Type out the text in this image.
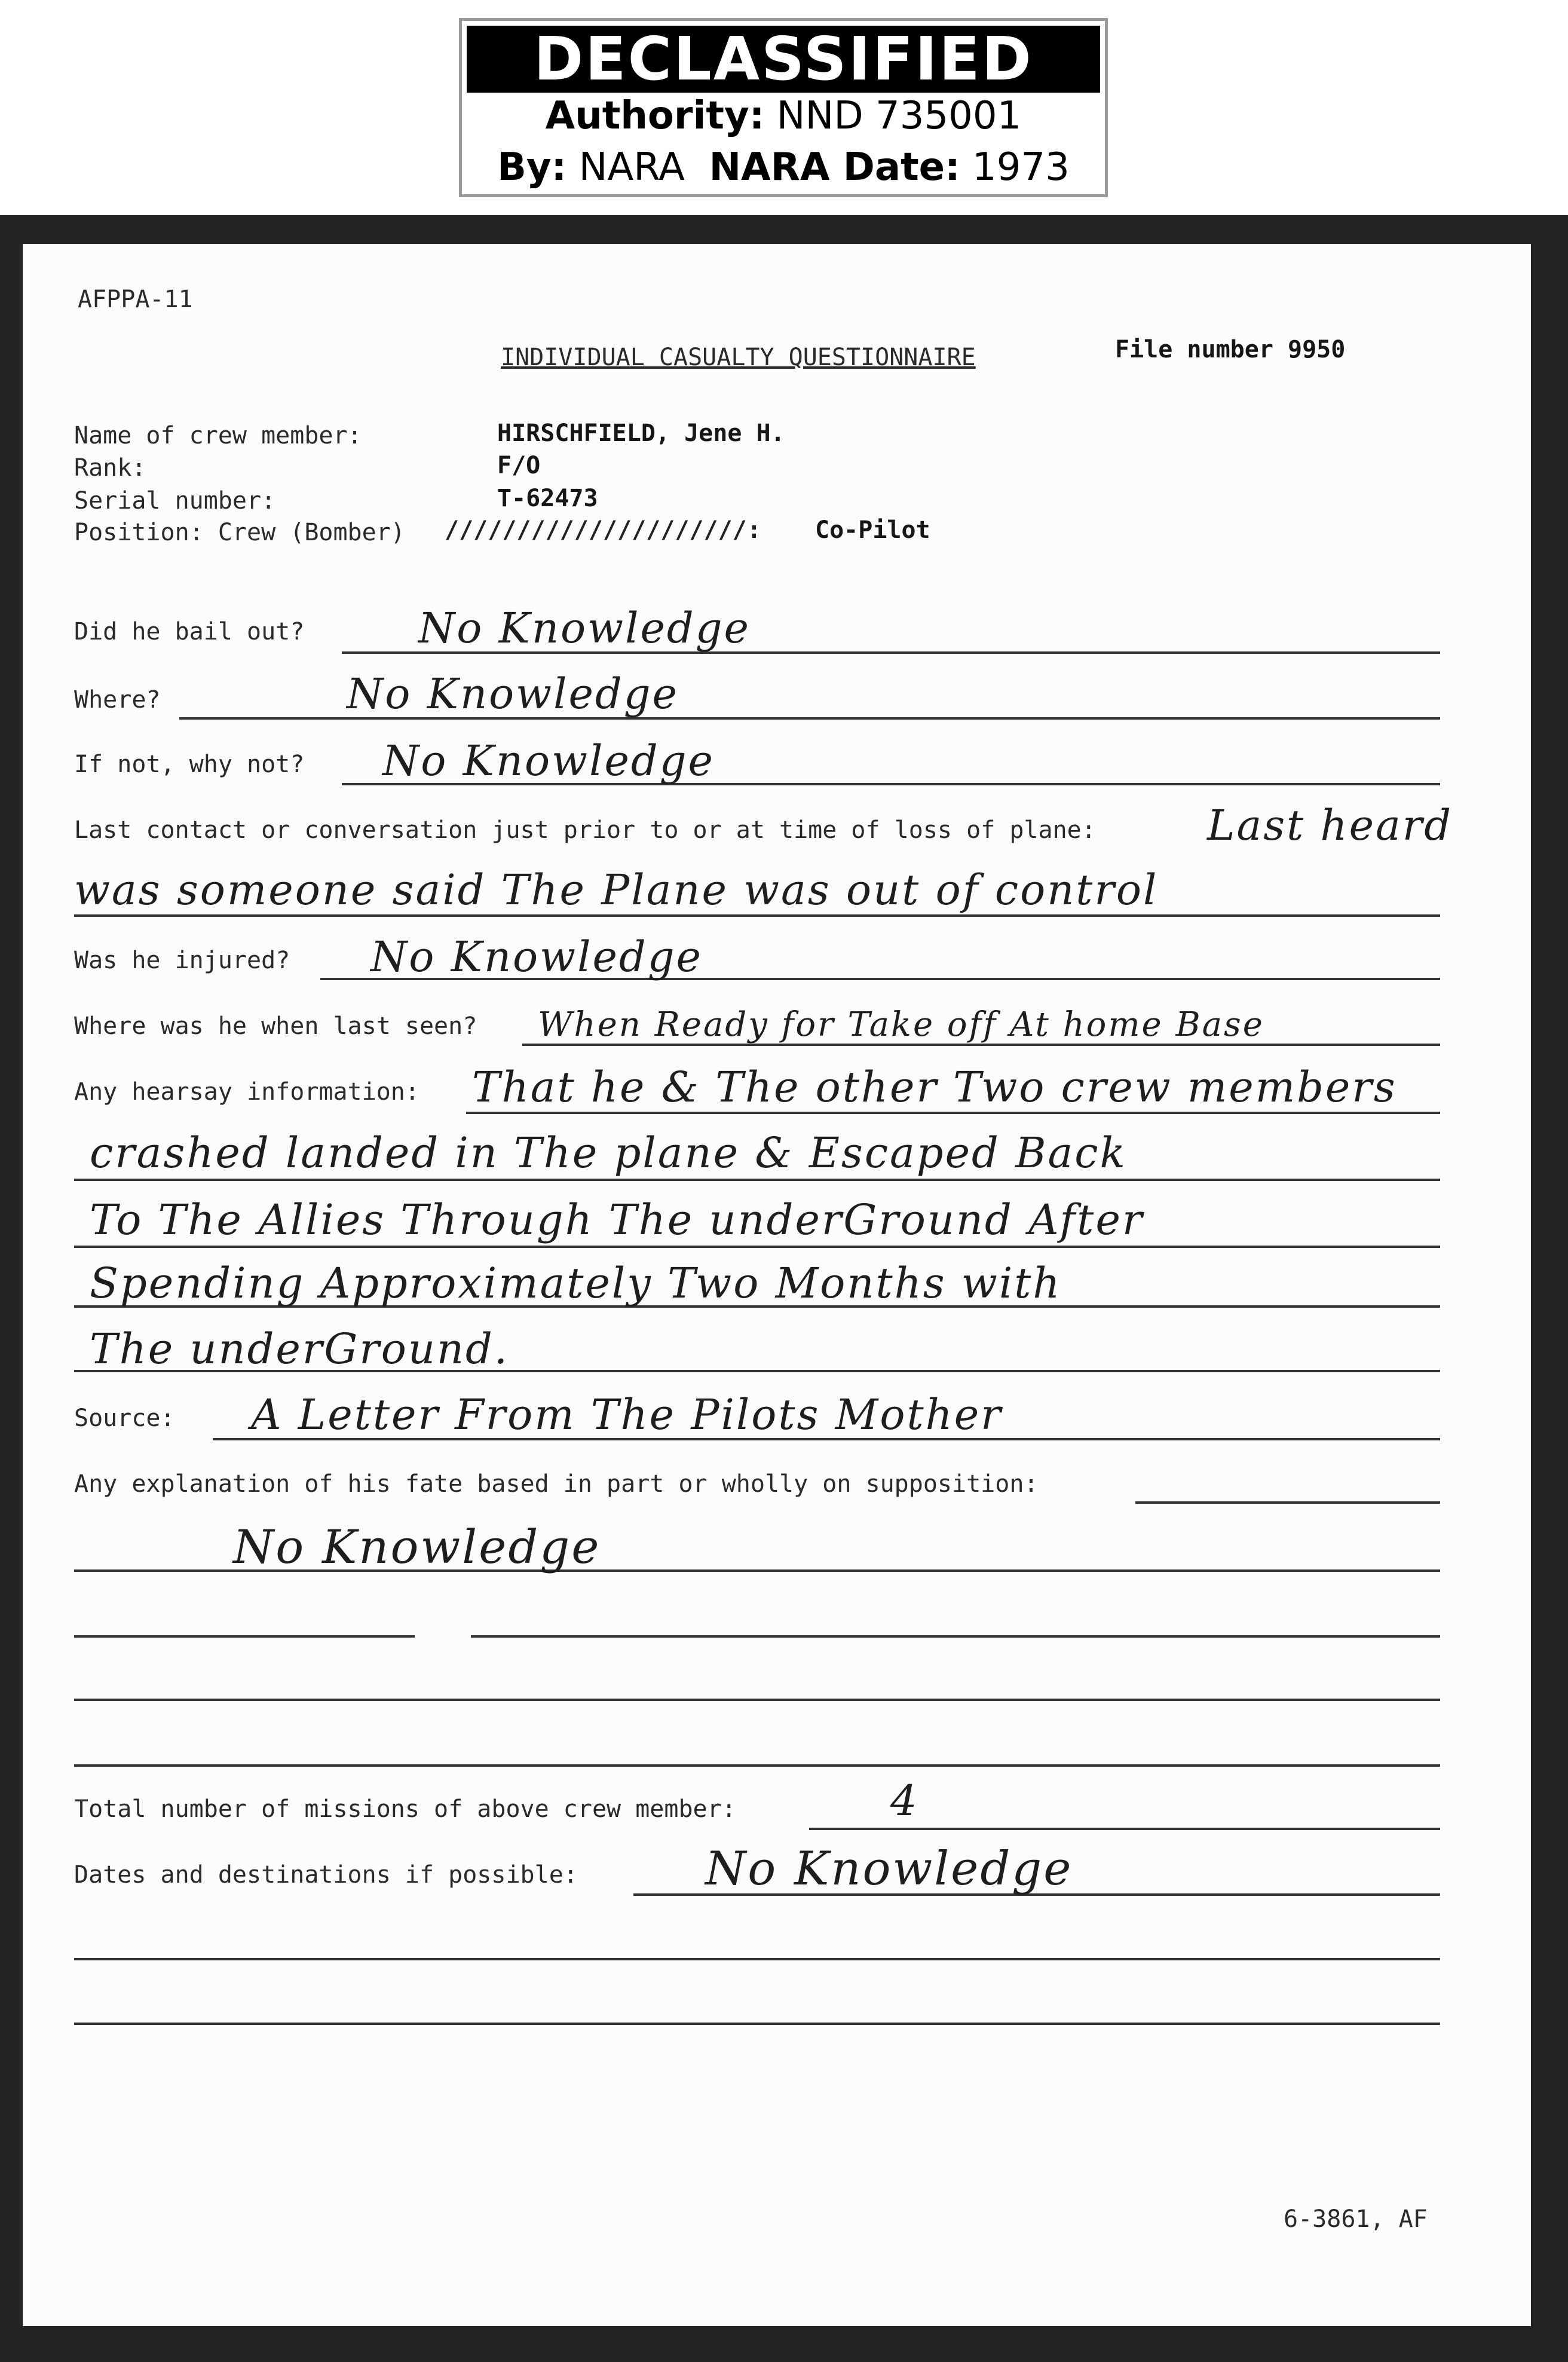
DECLASSIFIED
Authority: NND 735001
By: NARA NARA Date: 1973
AFPPA-11
INDIVIDUAL CASUALTY QUESTIONNAIRE	File number 9950
Name of crew member:	HIRSCHFIELD, Jene H.
Rank:	F/O
Serial number:	T-62473
Position: Crew (Bomber) /////////////////////: Co-Pilot
Did he bail out?	No Knowledge
Where?	No Knowledge
If not, why not? No Knowledge
Last contact or conversation just prior to or at time of loss of plane:	Last heard
was someone said The Plane was out of control
Was he injured? No Knowledge
Where was he when last seen? When Ready for Take off At home Base
Any hearsay information: That he & The other Two crew members
crashed landed in The plane & Escaped Back
To The Allies Through The underGround After
Spending Approximately Two Months with
The underGround.
Source: A Letter From The Pilots Mother
Any explanation of his fate based in part or wholly on supposition:
No Knowledge
Total number of missions of above crew member:	4
Dates and destinations if possible:	No Knowledge
6-3861, AF
